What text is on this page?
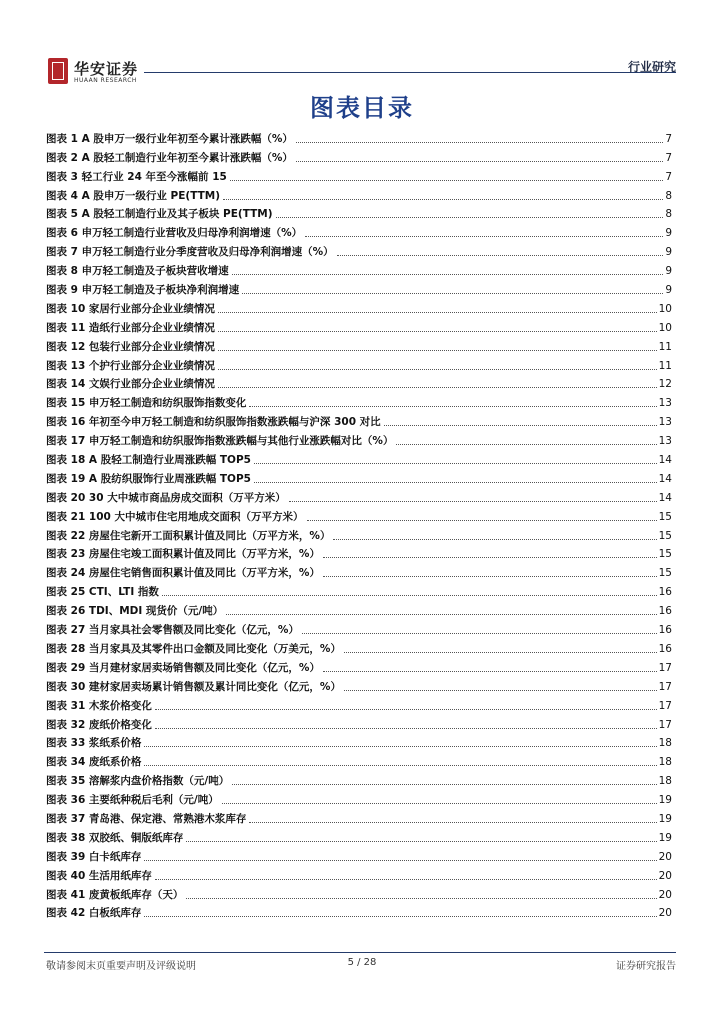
华安证券
HUAAN RESEARCH
行业研究
图表目录
图表 1 A 股申万一级行业年初至今累计涨跌幅（%）	7
图表 2 A 股轻工制造行业年初至今累计涨跌幅（%）	7
图表 3 轻工行业 24 年至今涨幅前 15	7
图表 4 A 股申万一级行业 PE(TTM)	8
图表 5 A 股轻工制造行业及其子板块 PE(TTM)	8
图表 6 申万轻工制造行业营收及归母净利润增速（%）	9
图表 7 申万轻工制造行业分季度营收及归母净利润增速（%）	9
图表 8 申万轻工制造及子板块营收增速	9
图表 9 申万轻工制造及子板块净利润增速	9
图表 10 家居行业部分企业业绩情况	10
图表 11 造纸行业部分企业业绩情况	10
图表 12 包装行业部分企业业绩情况	11
图表 13 个护行业部分企业业绩情况	11
图表 14 文娱行业部分企业业绩情况	12
图表 15 申万轻工制造和纺织服饰指数变化	13
图表 16 年初至今申万轻工制造和纺织服饰指数涨跌幅与沪深 300 对比	13
图表 17 申万轻工制造和纺织服饰指数涨跌幅与其他行业涨跌幅对比（%）	13
图表 18 A 股轻工制造行业周涨跌幅 TOP5	14
图表 19 A 股纺织服饰行业周涨跌幅 TOP5	14
图表 20 30 大中城市商品房成交面积（万平方米）	14
图表 21 100 大中城市住宅用地成交面积（万平方米）	15
图表 22 房屋住宅新开工面积累计值及同比（万平方米，%）	15
图表 23 房屋住宅竣工面积累计值及同比（万平方米，%）	15
图表 24 房屋住宅销售面积累计值及同比（万平方米，%）	15
图表 25 CTI、LTI 指数	16
图表 26 TDI、MDI 现货价（元/吨）	16
图表 27 当月家具社会零售额及同比变化（亿元，%）	16
图表 28 当月家具及其零件出口金额及同比变化（万美元，%）	16
图表 29 当月建材家居卖场销售额及同比变化（亿元，%）	17
图表 30 建材家居卖场累计销售额及累计同比变化（亿元，%）	17
图表 31 木浆价格变化	17
图表 32 废纸价格变化	17
图表 33 浆纸系价格	18
图表 34 废纸系价格	18
图表 35 溶解浆内盘价格指数（元/吨）	18
图表 36 主要纸种税后毛利（元/吨）	19
图表 37 青岛港、保定港、常熟港木浆库存	19
图表 38 双胶纸、铜版纸库存	19
图表 39 白卡纸库存	20
图表 40 生活用纸库存	20
图表 41 废黄板纸库存（天）	20
图表 42 白板纸库存	20
敬请参阅末页重要声明及评级说明	5 / 28	证券研究报告
